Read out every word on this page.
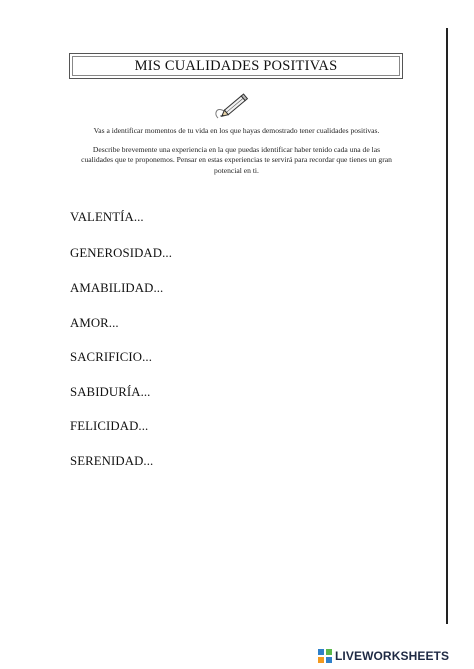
MIS CUALIDADES POSITIVAS

Vas a identificar momentos de tu vida en los que hayas demostrado tener cualidades positivas.

Describe brevemente una experiencia en la que puedas identificar haber tenido cada una de las cualidades que te proponemos. Pensar en estas experiencias te servirá para recordar que tienes un gran potencial en ti.

VALENTÍA...
GENEROSIDAD...
AMABILIDAD...
AMOR...
SACRIFICIO...
SABIDURÍA...
FELICIDAD...
SERENIDAD...
LIVEWORKSHEETS
